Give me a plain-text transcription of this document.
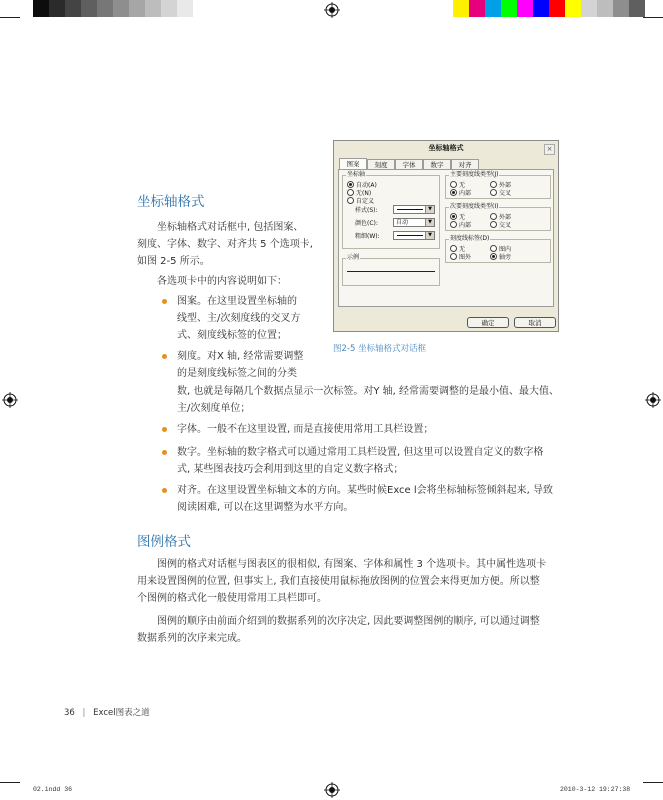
坐标轴格式
坐标轴格式对话框中, 包括图案、
刻度、字体、数字、对齐共 5 个选项卡,
如图 2-5 所示。
各选项卡中的内容说明如下：
图案。在这里设置坐标轴的
线型、主/次刻度线的交叉方
式、刻度线标签的位置；
刻度。对X 轴, 经常需要调整
的是刻度线标签之间的分类
数, 也就是每隔几个数据点显示一次标签。对Y 轴, 经常需要调整的是最小值、最大值、
主/次刻度单位；
字体。一般不在这里设置, 而是直接使用常用工具栏设置；
数字。坐标轴的数字格式可以通过常用工具栏设置, 但这里可以设置自定义的数字格
式, 某些图表技巧会利用到这里的自定义数字格式；
对齐。在这里设置坐标轴文本的方向。某些时候Exce l会将坐标轴标签倾斜起来, 导致
阅读困难, 可以在这里调整为水平方向。
坐标轴格式	×
图案	刻度	字体	数字	对齐
坐标轴
自动(A)
无(N)
自定义
样式(S):	▼
颜色(C):	自动	▼
粗细(W):	▼
示例
主要刻度线类型(J)
无	外部
内部	交叉
次要刻度线类型(I)
无	外部
内部	交叉
刻度线标签(D)
无	图内
图外	轴旁
确定	取消
图2-5 坐标轴格式对话框
图例格式
图例的格式对话框与图表区的很相似, 有图案、字体和属性 3 个选项卡。其中属性选项卡
用来设置图例的位置, 但事实上, 我们直接使用鼠标拖放图例的位置会来得更加方便。所以整
个图例的格式化一般使用常用工具栏即可。
图例的顺序由前面介绍到的数据系列的次序决定, 因此要调整图例的顺序, 可以通过调整
数据系列的次序来完成。
36 | Excel图表之道
02.indd 36	2010-3-12 19:27:38
